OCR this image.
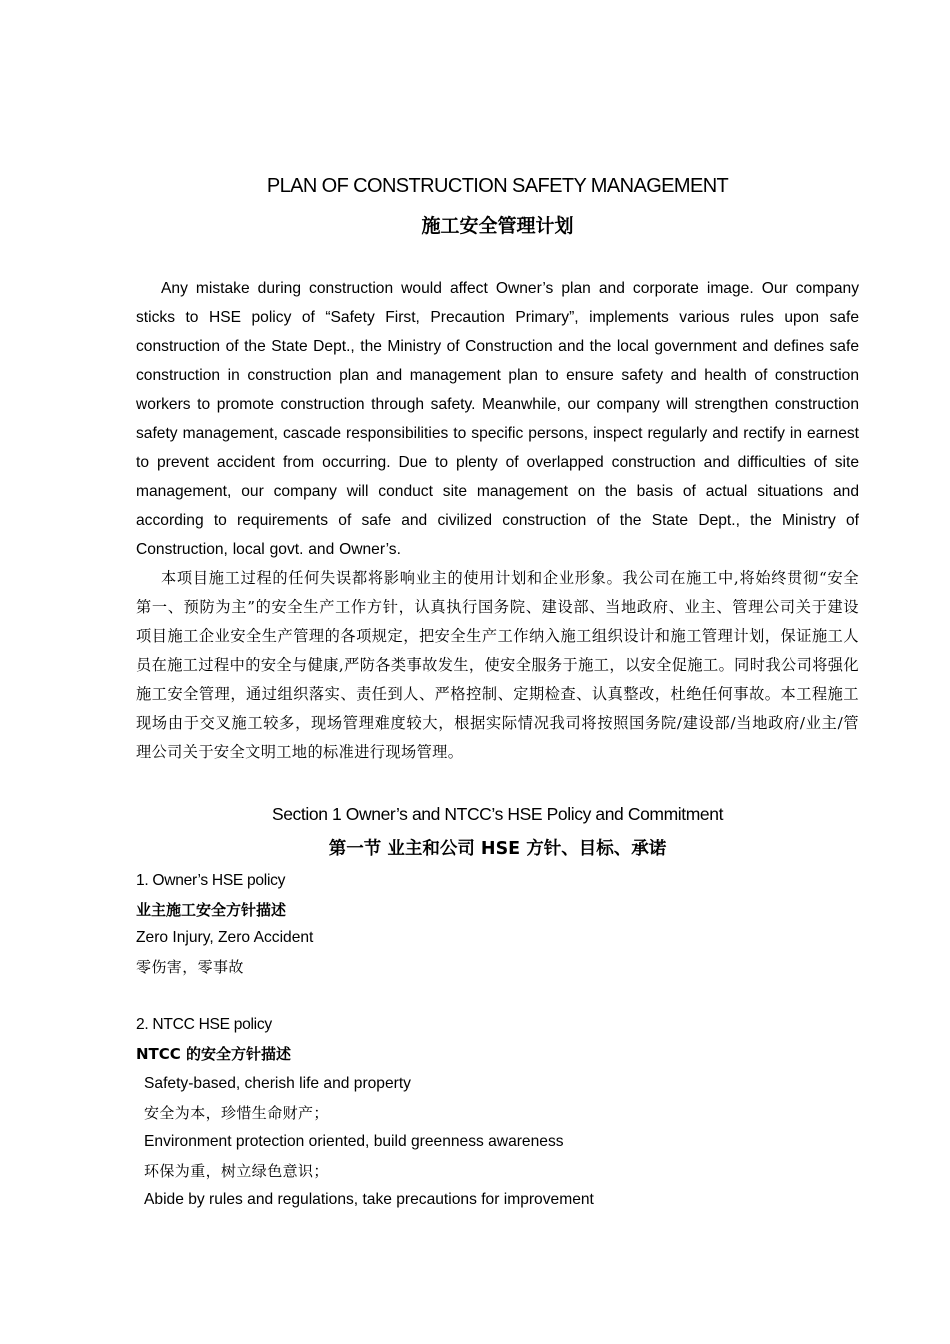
PLAN OF CONSTRUCTION SAFETY MANAGEMENT
施工安全管理计划

Any mistake during construction would affect Owner’s plan and corporate image. Our company sticks to HSE policy of “Safety First, Precaution Primary”, implements various rules upon safe construction of the State Dept., the Ministry of Construction and the local government and defines safe construction in construction plan and management plan to ensure safety and health of construction workers to promote construction through safety. Meanwhile, our company will strengthen construction safety management, cascade responsibilities to specific persons, inspect regularly and rectify in earnest to prevent accident from occurring. Due to plenty of overlapped construction and difficulties of site management, our company will conduct site management on the basis of actual situations and according to requirements of safe and civilized construction of the State Dept., the Ministry of Construction, local govt. and Owner’s.

本项目施工过程的任何失误都将影响业主的使用计划和企业形象。我公司在施工中,将始终贯彻“安全第一、预防为主”的安全生产工作方针，认真执行国务院、建设部、当地政府、业主、管理公司关于建设项目施工企业安全生产管理的各项规定，把安全生产工作纳入施工组织设计和施工管理计划，保证施工人员在施工过程中的安全与健康,严防各类事故发生，使安全服务于施工，以安全促施工。同时我公司将强化施工安全管理，通过组织落实、责任到人、严格控制、定期检查、认真整改，杜绝任何事故。本工程施工现场由于交叉施工较多，现场管理难度较大，根据实际情况我司将按照国务院/建设部/当地政府/业主/管理公司关于安全文明工地的标准进行现场管理。

Section 1 Owner’s and NTCC’s HSE Policy and Commitment
第一节 业主和公司 HSE 方针、目标、承诺
1. Owner’s HSE policy
业主施工安全方针描述
Zero Injury, Zero Accident
零伤害，零事故
2. NTCC HSE policy
NTCC 的安全方针描述
Safety-based, cherish life and property
安全为本，珍惜生命财产；
Environment protection oriented, build greenness awareness
环保为重，树立绿色意识；
Abide by rules and regulations, take precautions for improvement
